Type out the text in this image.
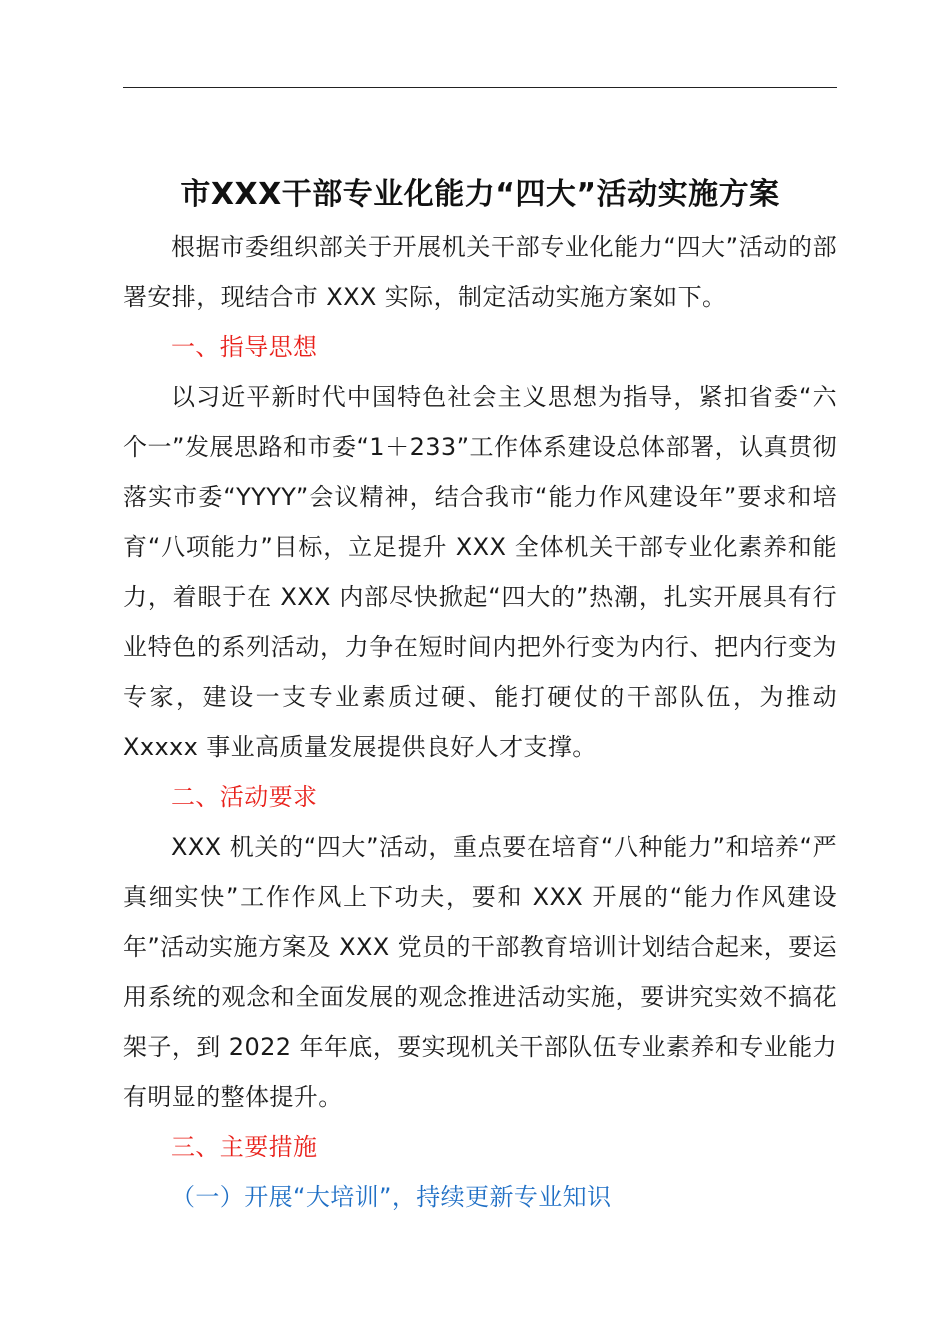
市XXX干部专业化能力“四大”活动实施方案

根据市委组织部关于开展机关干部专业化能力“四大”活动的部署安排，现结合市 XXX 实际，制定活动实施方案如下。

一、指导思想

以习近平新时代中国特色社会主义思想为指导，紧扣省委“六个一”发展思路和市委“1＋233”工作体系建设总体部署，认真贯彻落实市委“YYYY”会议精神，结合我市“能力作风建设年”要求和培育“八项能力”目标，立足提升 XXX 全体机关干部专业化素养和能力，着眼于在 XXX 内部尽快掀起“四大的”热潮，扎实开展具有行业特色的系列活动，力争在短时间内把外行变为内行、把内行变为专家，建设一支专业素质过硬、能打硬仗的干部队伍，为推动 Xxxxx 事业高质量发展提供良好人才支撑。

二、活动要求

XXX 机关的“四大”活动，重点要在培育“八种能力”和培养“严真细实快”工作作风上下功夫，要和 XXX 开展的“能力作风建设年”活动实施方案及 XXX 党员的干部教育培训计划结合起来，要运用系统的观念和全面发展的观念推进活动实施，要讲究实效不搞花架子，到 2022 年年底，要实现机关干部队伍专业素养和专业能力有明显的整体提升。

三、主要措施

（一）开展“大培训”，持续更新专业知识
